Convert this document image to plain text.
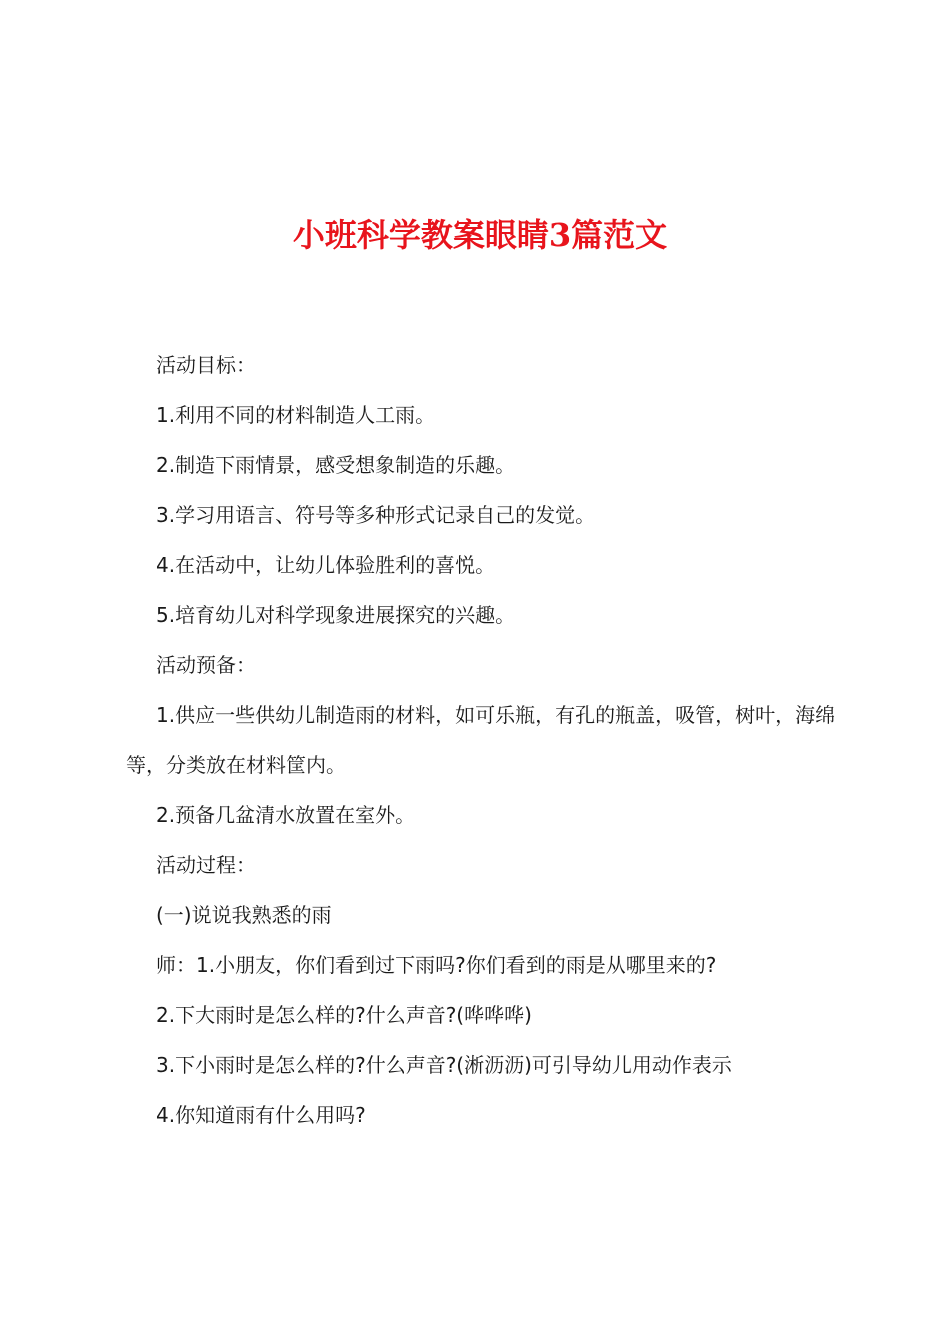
小班科学教案眼睛3篇范文

活动目标：

1.利用不同的材料制造人工雨。

2.制造下雨情景，感受想象制造的乐趣。

3.学习用语言、符号等多种形式记录自己的发觉。

4.在活动中，让幼儿体验胜利的喜悦。

5.培育幼儿对科学现象进展探究的兴趣。

活动预备：

1.供应一些供幼儿制造雨的材料，如可乐瓶，有孔的瓶盖，吸管，树叶，海绵等，分类放在材料筐内。

2.预备几盆清水放置在室外。

活动过程：

(一)说说我熟悉的雨

师：1.小朋友，你们看到过下雨吗?你们看到的雨是从哪里来的?

2.下大雨时是怎么样的?什么声音?(哗哗哗)

3.下小雨时是怎么样的?什么声音?(淅沥沥)可引导幼儿用动作表示

4.你知道雨有什么用吗?
